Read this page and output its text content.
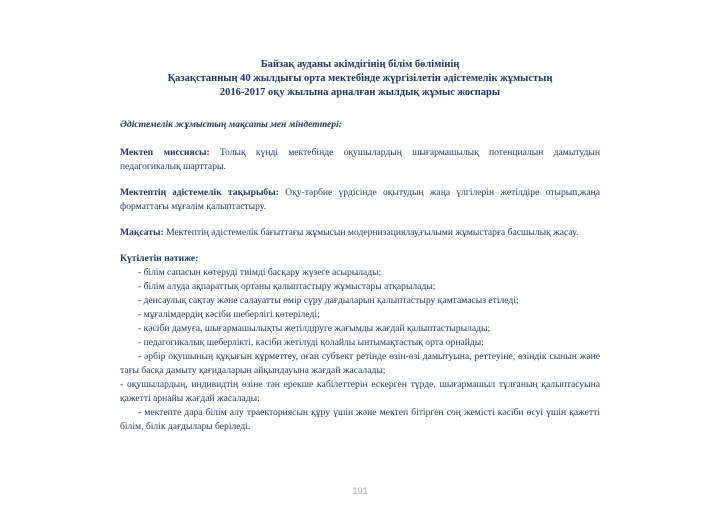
Байзақ ауданы әкімдігінің білім бөлімінің
Қазақстанның 40 жылдығы орта мектебінде жүргізілетін әдістемелік жұмыстың
2016-2017 оқу жылына арналған жылдық жұмыс жоспары

Әдістемелік жұмыстың мақсаты мен міндеттері:

Мектеп миссиясы: Толық күнді мектебінде оқушылардың шығармашылық потенциалын дамытудын педагогикалық шарттары.

Мектептің әдістемелік тақырыбы: Оқу-тәрбие үрдісінде оқытудың жаңа үлгілерін жетілдіре отырып,жаңа форматтағы мұғалім қалыптастыру.

Мақсаты: Мектептің әдістемелік бағыттағы жұмысын модернизациялау,ғылыми жұмыстарға басшылық жасау.

Күтілетін нәтиже:

- білім сапасын көтеруді тиімді басқару жүзеге асырылады;
- білім алуда ақпараттық ортаны қалыптастыру жұмыстары атқарылады;
- денсаулық сақтау және салауатты өмір сүру дағдыларын қалыптастыру қамтамасыз етіледі;
- мұғалімдердің кәсіби шеберлігі көтеріледі;
- кәсіби дамуға, шығармашылықты жетілдіруге жағымды жағдай қалыптастырылады;
- педагогикалық шеберлікті, кәсіби жетілуді қолайлы ынтымақтастық орта орнайды;
- әрбір оқушының құқығын құрметтеу, оған субъект ретінде өзін-өзі дамытуына, реттеуіне, өзіндік сынын және тағы басқа дамыту қағидаларын айқындауына жағдай жасалады;
- оқушылардың, индивидтің өзіне тән ерекше кабілеттерін ескерген түрде, шығармашыл тұлғаның қалыптасуына қажетті арнайы жағдай жасалады;
- мектепте дара білім алу траекториясын құру үшін және мектеп бітірген соң жемісті кәсіби өсуі үшін қажетті білім, білік дағдылары беріледі.
191
